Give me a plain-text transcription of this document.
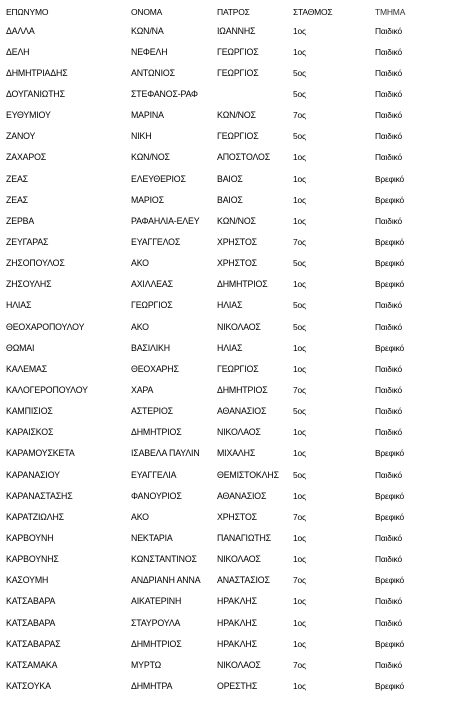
ΕΠΩΝΥΜΟ	ΟΝΟΜΑ	ΠΑΤΡΟΣ	ΣΤΑΘΜΟΣ	ΤΜΗΜΑ
ΔΑΛΛΑ	ΚΩΝ/ΝΑ	ΙΩΑΝΝΗΣ	1ος	Παιδικό
ΔΕΛΗ	ΝΕΦΕΛΗ	ΓΕΩΡΓΙΟΣ	1ος	Παιδικό
ΔΗΜΗΤΡΙΑΔΗΣ	ΑΝΤΩΝΙΟΣ	ΓΕΩΡΓΙΟΣ	5ος	Παιδικό
ΔΟΥΓΑΝΙΩΤΗΣ	ΣΤΕΦΑΝΟΣ-ΡΑΦ		5ος	Παιδικό
ΕΥΘΥΜΙΟΥ	ΜΑΡΙΝΑ	ΚΩΝ/ΝΟΣ	7ος	Παιδικό
ΖΑΝΟΥ	ΝΙΚΗ	ΓΕΩΡΓΙΟΣ	5ος	Παιδικό
ΖΑΧΑΡΟΣ	ΚΩΝ/ΝΟΣ	ΑΠΟΣΤΟΛΟΣ	1ος	Παιδικό
ΖΕΑΣ	ΕΛΕΥΘΕΡΙΟΣ	ΒΑΙΟΣ	1ος	Βρεφικό
ΖΕΑΣ	ΜΑΡΙΟΣ	ΒΑΙΟΣ	1ος	Βρεφικό
ΖΕΡΒΑ	ΡΑΦΑΗΛΙΑ-ΕΛΕΥ	ΚΩΝ/ΝΟΣ	1ος	Παιδικό
ΖΕΥΓΑΡΑΣ	ΕΥΑΓΓΕΛΟΣ	ΧΡΗΣΤΟΣ	7ος	Βρεφικό
ΖΗΣΟΠΟΥΛΟΣ	ΑΚΟ	ΧΡΗΣΤΟΣ	5ος	Βρεφικό
ΖΗΣΟΥΛΗΣ	ΑΧΙΛΛΕΑΣ	ΔΗΜΗΤΡΙΟΣ	1ος	Βρεφικό
ΗΛΙΑΣ	ΓΕΩΡΓΙΟΣ	ΗΛΙΑΣ	5ος	Παιδικό
ΘΕΟΧΑΡΟΠΟΥΛΟΥ	ΑΚΟ	ΝΙΚΟΛΑΟΣ	5ος	Παιδικό
ΘΩΜΑΙ	ΒΑΣΙΛΙΚΗ	ΗΛΙΑΣ	1ος	Βρεφικό
ΚΑΛΕΜΑΣ	ΘΕΟΧΑΡΗΣ	ΓΕΩΡΓΙΟΣ	1ος	Παιδικό
ΚΑΛΟΓΕΡΟΠΟΥΛΟΥ	ΧΑΡΑ	ΔΗΜΗΤΡΙΟΣ	7ος	Παιδικό
ΚΑΜΠΙΣΙΟΣ	ΑΣΤΕΡΙΟΣ	ΑΘΑΝΑΣΙΟΣ	5ος	Παιδικό
ΚΑΡΑΙΣΚΟΣ	ΔΗΜΗΤΡΙΟΣ	ΝΙΚΟΛΑΟΣ	1ος	Παιδικό
ΚΑΡΑΜΟΥΣΚΕΤΑ	ΙΣΑΒΕΛΑ ΠΑΥΛΙΝ	ΜΙΧΑΛΗΣ	1ος	Βρεφικό
ΚΑΡΑΝΑΣΙΟΥ	ΕΥΑΓΓΕΛΙΑ	ΘΕΜΙΣΤΟΚΛΗΣ	5ος	Παιδικό
ΚΑΡΑΝΑΣΤΑΣΗΣ	ΦΑΝΟΥΡΙΟΣ	ΑΘΑΝΑΣΙΟΣ	1ος	Βρεφικό
ΚΑΡΑΤΖΙΩΛΗΣ	ΑΚΟ	ΧΡΗΣΤΟΣ	7ος	Βρεφικό
ΚΑΡΒΟΥΝΗ	ΝΕΚΤΑΡΙΑ	ΠΑΝΑΓΙΩΤΗΣ	1ος	Παιδικό
ΚΑΡΒΟΥΝΗΣ	ΚΩΝΣΤΑΝΤΙΝΟΣ	ΝΙΚΟΛΑΟΣ	1ος	Παιδικό
ΚΑΣΟΥΜΗ	ΑΝΔΡΙΑΝΗ ΑΝΝΑ	ΑΝΑΣΤΑΣΙΟΣ	7ος	Βρεφικό
ΚΑΤΣΑΒΑΡΑ	ΑΙΚΑΤΕΡΙΝΗ	ΗΡΑΚΛΗΣ	1ος	Παιδικό
ΚΑΤΣΑΒΑΡΑ	ΣΤΑΥΡΟΥΛΑ	ΗΡΑΚΛΗΣ	1ος	Παιδικό
ΚΑΤΣΑΒΑΡΑΣ	ΔΗΜΗΤΡΙΟΣ	ΗΡΑΚΛΗΣ	1ος	Βρεφικό
ΚΑΤΣΑΜΑΚΑ	ΜΥΡΤΩ	ΝΙΚΟΛΑΟΣ	7ος	Παιδικό
ΚΑΤΣΟΥΚΑ	ΔΗΜΗΤΡΑ	ΟΡΕΣΤΗΣ	1ος	Βρεφικό
